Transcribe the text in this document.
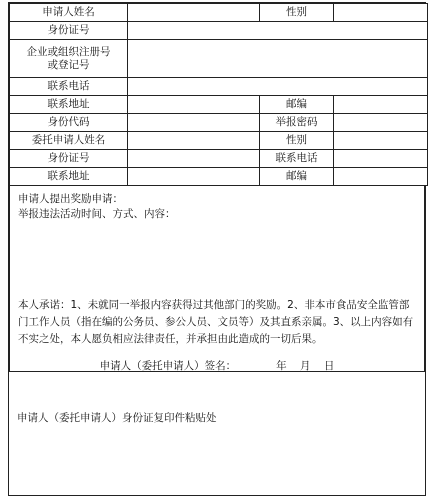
申请人姓名		性别	
身份证号			
企业或组织注册号
或登记号			
联系电话			
联系地址		邮编	
身份代码		举报密码	
委托申请人姓名		性别	
身份证号		联系电话	
联系地址		邮编	
申请人提出奖励申请：
举报违法活动时间、方式、内容：
本人承诺：1、未就同一举报内容获得过其他部门的奖励。2、非本市食品安全监管部门工作人员（指在编的公务员、参公人员、文员等）及其直系亲属。3、以上内容如有不实之处，本人愿负相应法律责任，并承担由此造成的一切后果。
申请人（委托申请人）签名：            年    月    日
申请人（委托申请人）身份证复印件粘贴处
